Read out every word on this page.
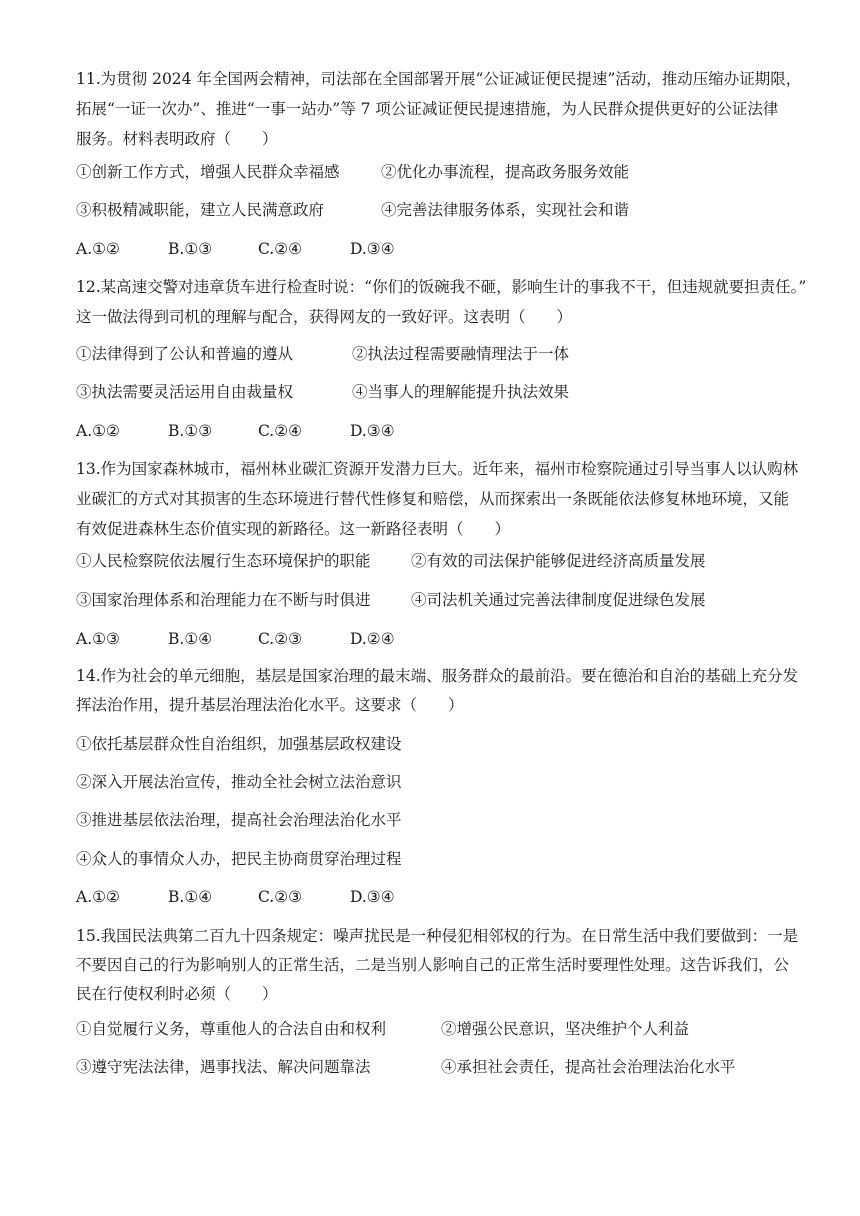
11.为贯彻 2024 年全国两会精神，司法部在全国部署开展“公证减证便民提速”活动，推动压缩办证期限，
拓展“一证一次办”、推进“一事一站办”等 7 项公证减证便民提速措施，为人民群众提供更好的公证法律
服务。材料表明政府（　　）
①创新工作方式，增强人民群众幸福感	②优化办事流程，提高政务服务效能
③积极精减职能，建立人民满意政府	④完善法律服务体系，实现社会和谐
A.①②	B.①③	C.②④	D.③④
12.某高速交警对违章货车进行检查时说：“你们的饭碗我不砸，影响生计的事我不干，但违规就要担责任。”
这一做法得到司机的理解与配合，获得网友的一致好评。这表明（　　）
①法律得到了公认和普遍的遵从	②执法过程需要融情理法于一体
③执法需要灵活运用自由裁量权	④当事人的理解能提升执法效果
A.①②	B.①③	C.②④	D.③④
13.作为国家森林城市，福州林业碳汇资源开发潜力巨大。近年来，福州市检察院通过引导当事人以认购林
业碳汇的方式对其损害的生态环境进行替代性修复和赔偿，从而探索出一条既能依法修复林地环境，又能
有效促进森林生态价值实现的新路径。这一新路径表明（　　）
①人民检察院依法履行生态环境保护的职能	②有效的司法保护能够促进经济高质量发展
③国家治理体系和治理能力在不断与时俱进	④司法机关通过完善法律制度促进绿色发展
A.①③	B.①④	C.②③	D.②④
14.作为社会的单元细胞，基层是国家治理的最末端、服务群众的最前沿。要在德治和自治的基础上充分发
挥法治作用，提升基层治理法治化水平。这要求（　　）
①依托基层群众性自治组织，加强基层政权建设
②深入开展法治宣传，推动全社会树立法治意识
③推进基层依法治理，提高社会治理法治化水平
④众人的事情众人办，把民主协商贯穿治理过程
A.①②	B.①④	C.②③	D.③④
15.我国民法典第二百九十四条规定：噪声扰民是一种侵犯相邻权的行为。在日常生活中我们要做到：一是
不要因自己的行为影响别人的正常生活，二是当别人影响自己的正常生活时要理性处理。这告诉我们，公
民在行使权利时必须（　　）
①自觉履行义务，尊重他人的合法自由和权利	②增强公民意识，坚决维护个人利益
③遵守宪法法律，遇事找法、解决问题靠法	④承担社会责任，提高社会治理法治化水平
